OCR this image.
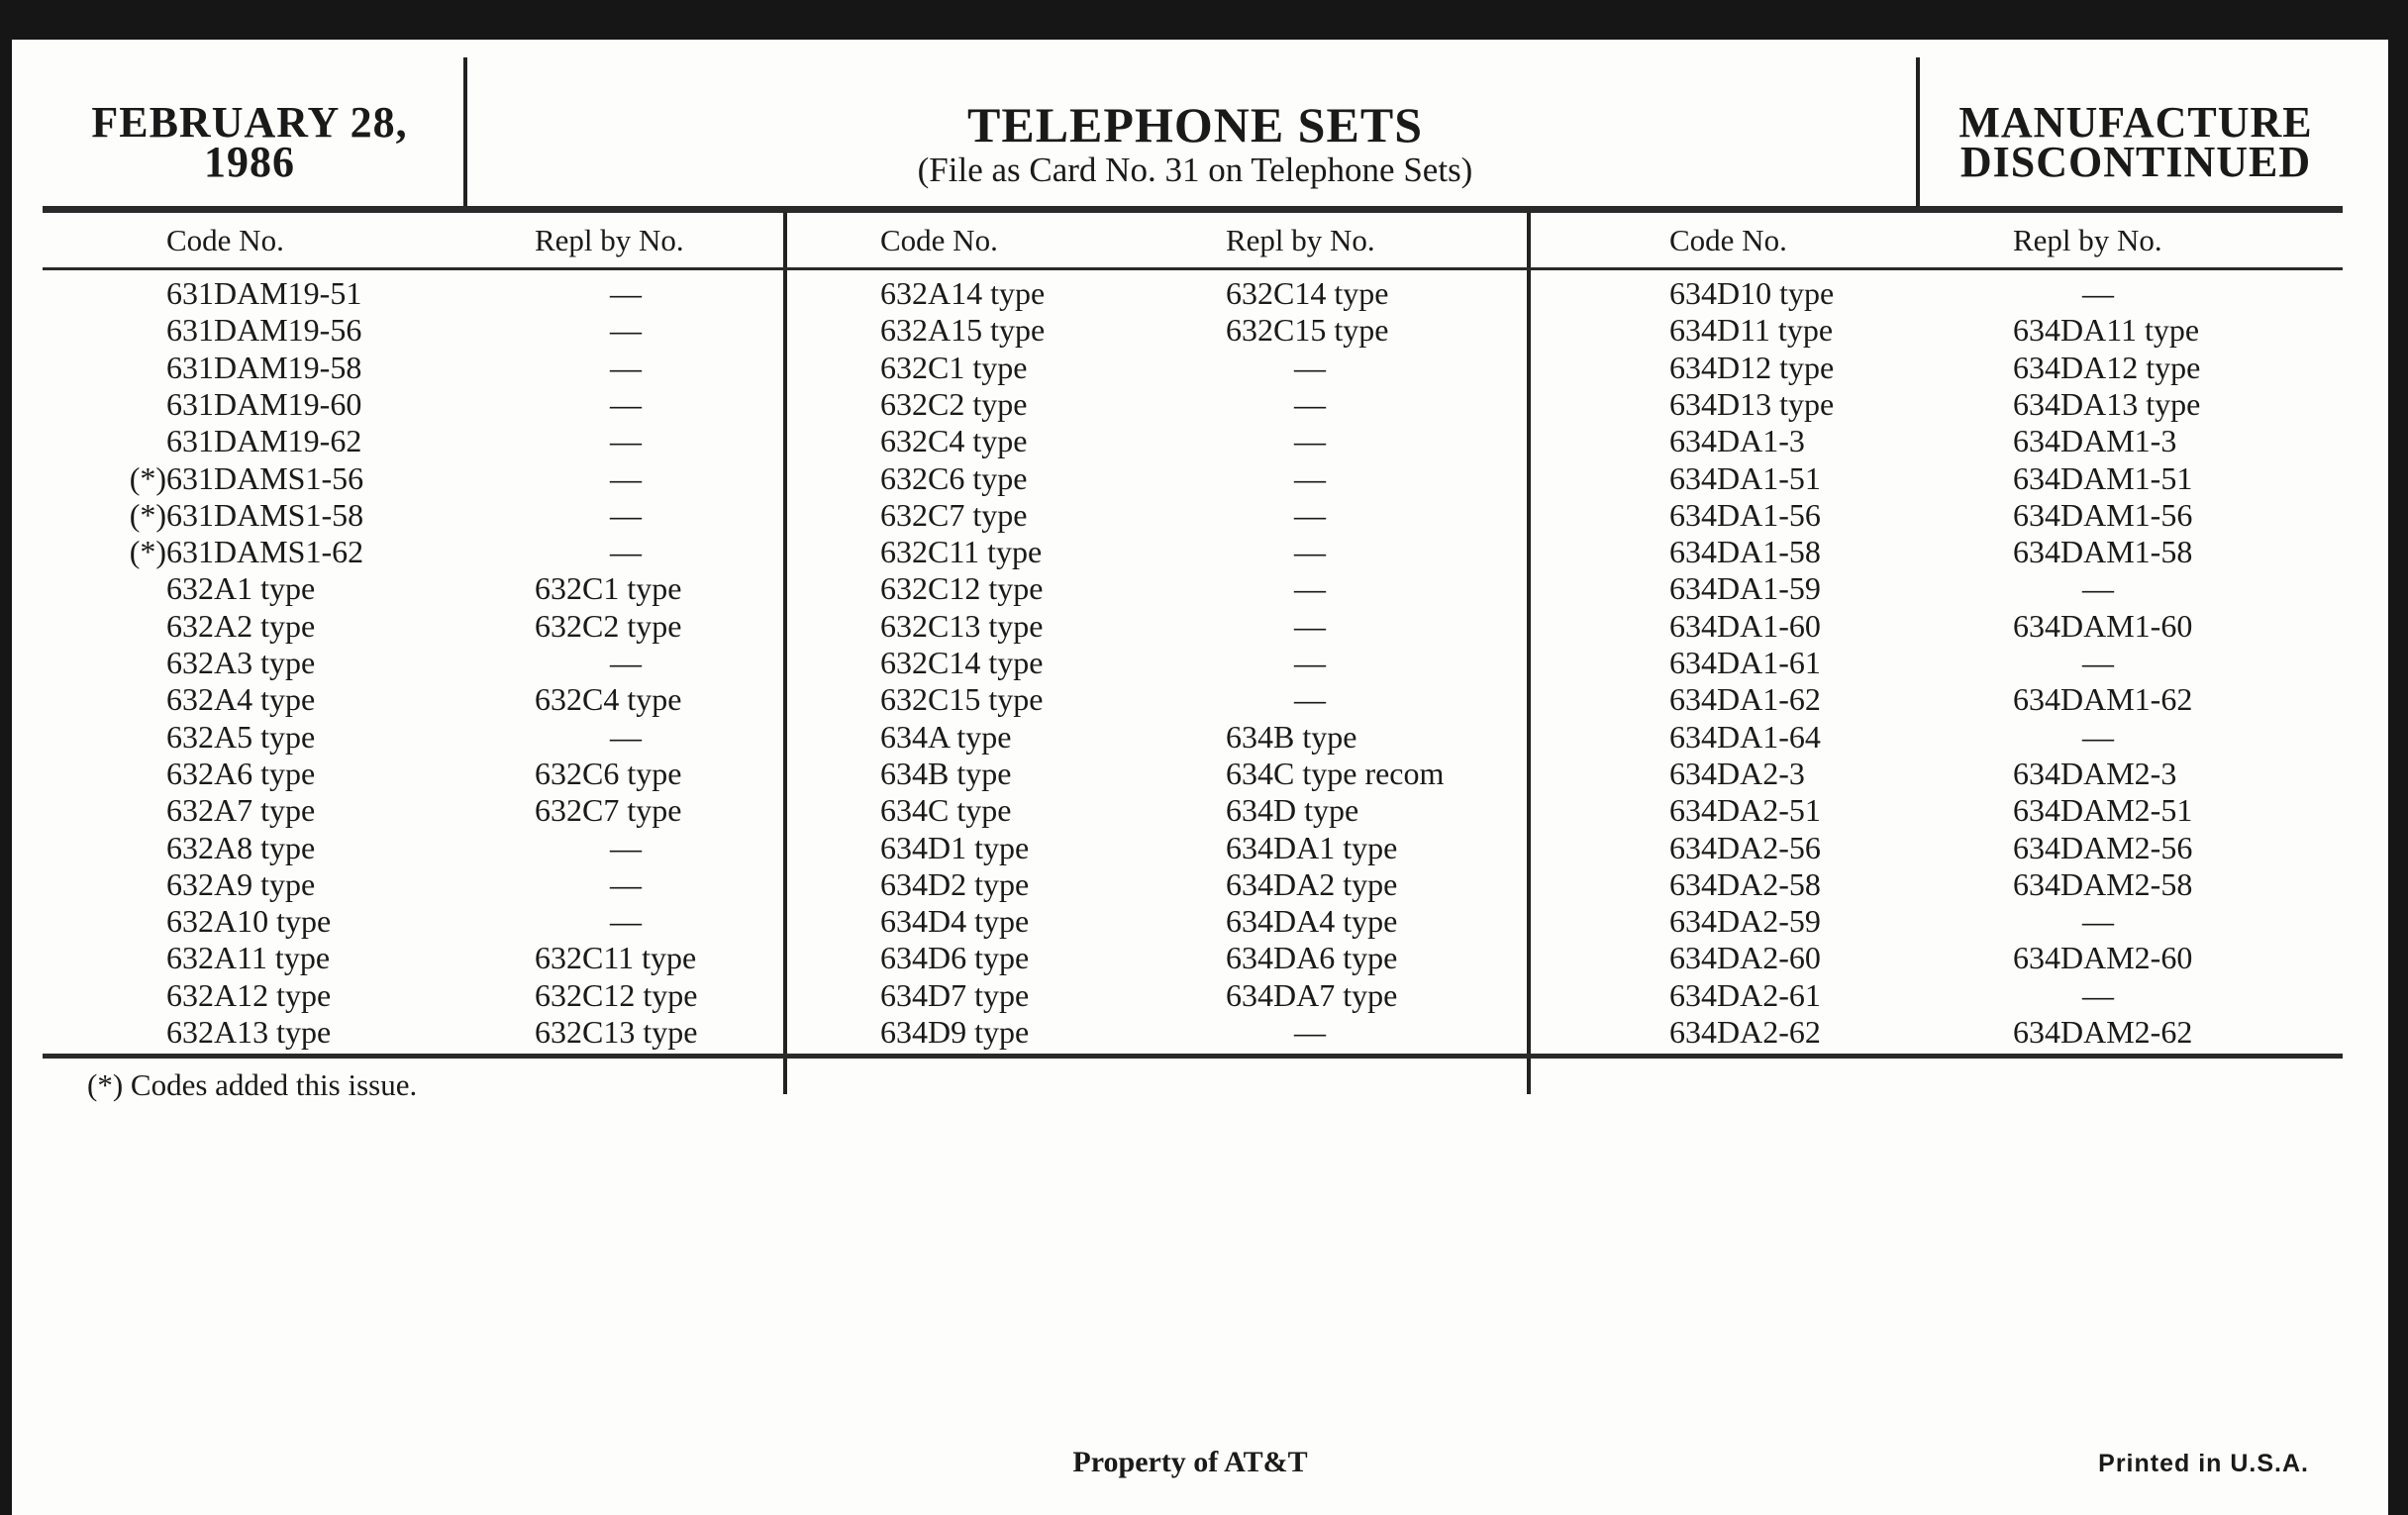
FEBRUARY 28,
1986
TELEPHONE SETS
(File as Card No. 31 on Telephone Sets)
MANUFACTURE
DISCONTINUED
Code No.	Repl by No.	Code No.	Repl by No.	Code No.	Repl by No.
631DAM19-51	—
631DAM19-56	—
631DAM19-58	—
631DAM19-60	—
631DAM19-62	—
(*) 631DAMS1-56	—
(*) 631DAMS1-58	—
(*) 631DAMS1-62	—
632A1 type	632C1 type
632A2 type	632C2 type
632A3 type	—
632A4 type	632C4 type
632A5 type	—
632A6 type	632C6 type
632A7 type	632C7 type
632A8 type	—
632A9 type	—
632A10 type	—
632A11 type	632C11 type
632A12 type	632C12 type
632A13 type	632C13 type
632A14 type	632C14 type
632A15 type	632C15 type
632C1 type	—
632C2 type	—
632C4 type	—
632C6 type	—
632C7 type	—
632C11 type	—
632C12 type	—
632C13 type	—
632C14 type	—
632C15 type	—
634A type	634B type
634B type	634C type recom
634C type	634D type
634D1 type	634DA1 type
634D2 type	634DA2 type
634D4 type	634DA4 type
634D6 type	634DA6 type
634D7 type	634DA7 type
634D9 type	—
634D10 type	—
634D11 type	634DA11 type
634D12 type	634DA12 type
634D13 type	634DA13 type
634DA1-3	634DAM1-3
634DA1-51	634DAM1-51
634DA1-56	634DAM1-56
634DA1-58	634DAM1-58
634DA1-59	—
634DA1-60	634DAM1-60
634DA1-61	—
634DA1-62	634DAM1-62
634DA1-64	—
634DA2-3	634DAM2-3
634DA2-51	634DAM2-51
634DA2-56	634DAM2-56
634DA2-58	634DAM2-58
634DA2-59	—
634DA2-60	634DAM2-60
634DA2-61	—
634DA2-62	634DAM2-62
(*) Codes added this issue.
Property of AT&T	Printed in U.S.A.
